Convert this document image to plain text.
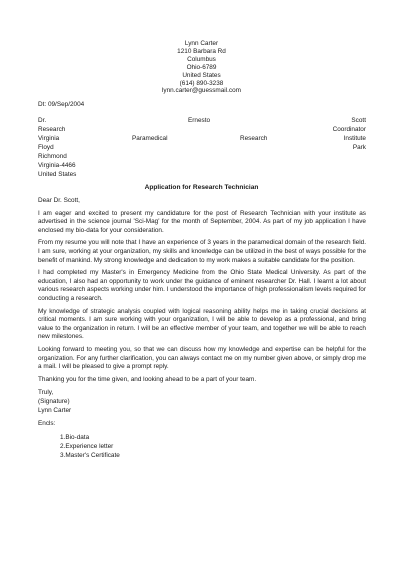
Lynn Carter
1210 Barbara Rd
Columbus
Ohio-6789
United States
(614) 890-3238
lynn.carter@guessmail.com
Dt: 09/Sep/2004
Dr.	Ernesto	Scott
Research	Coordinator
Virginia	Paramedical	Research	Institute
Floyd	Park
Richmond
Virginia-4466
United States
Application for Research Technician

Dear Dr. Scott,

I am eager and excited to present my candidature for the post of Research Technician with your institute as advertised in the science journal 'Sci-Mag' for the month of September, 2004. As part of my job application I have enclosed my bio-data for your consideration.

From my resume you will note that I have an experience of 3 years in the paramedical domain of the research field. I am sure, working at your organization, my skills and knowledge can be utilized in the best of ways possible for the benefit of mankind. My strong knowledge and dedication to my work makes a suitable candidate for the position.

I had completed my Master's in Emergency Medicine from the Ohio State Medical University. As part of the education, I also had an opportunity to work under the guidance of eminent researcher Dr. Hall. I learnt a lot about various research aspects working under him. I understood the importance of high professionalism levels required for conducting a research.

My knowledge of strategic analysis coupled with logical reasoning ability helps me in taking crucial decisions at critical moments. I am sure working with your organization, I will be able to develop as a professional, and bring value to the organization in return. I will be an effective member of your team, and together we will be able to reach new milestones.

Looking forward to meeting you, so that we can discuss how my knowledge and expertise can be helpful for the organization. For any further clarification, you can always contact me on my number given above, or simply drop me a mail. I will be pleased to give a prompt reply.

Thanking you for the time given, and looking ahead to be a part of your team.

Truly,
(Signature)
Lynn Carter
Encls:
1.Bio-data
2.Experience letter
3.Master's Certificate
